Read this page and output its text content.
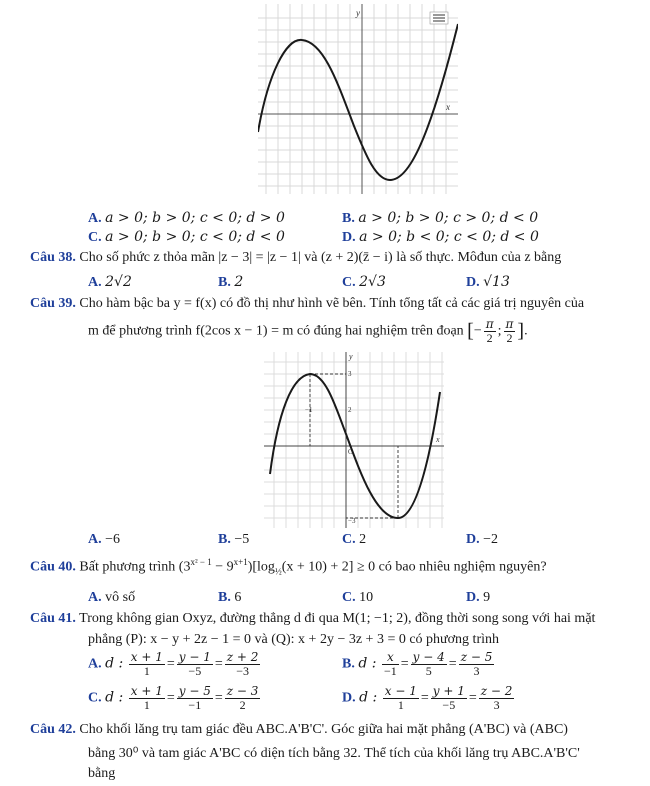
x
y
A. a > 0; b > 0; c < 0; d > 0	B. a > 0; b > 0; c > 0; d < 0
C. a > 0; b > 0; c < 0; d < 0	D. a > 0; b < 0; c < 0; d < 0
Câu 38. Cho số phức z thỏa mãn |z − 3| = |z − 1| và (z + 2)(z̄ − i) là số thực. Môđun của z bằng
A. 2√2	B. 2	C. 2√3	D. √13
Câu 39. Cho hàm bậc ba y = f(x) có đồ thị như hình vẽ bên. Tính tổng tất cả các giá trị nguyên của
m để phương trình f(2cos x − 1) = m có đúng hai nghiệm trên đoạn [− $\frac{\pi}{2}$ ; $\frac{\pi}{2}$ ].
y
x
O
−1	2
3
−3
A. −6	B. −5	C. 2	D. −2
Câu 40. Bất phương trình $(3^{x^2 - 1} - 9^{x+1})[\log_{\frac{1}{2}}(x + 10) + 2] \ge 0$ có bao nhiêu nghiệm nguyên?
A. vô số	B. 6	C. 10	D. 9
Câu 41. Trong không gian Oxyz, đường thẳng d đi qua M(1; −1; 2), đồng thời song song với hai mặt
phẳng (P): x − y + 2z − 1 = 0 và (Q): x + 2y − 3z + 3 = 0 có phương trình
A. d : $\frac{x + 1}{1} = \frac{y - 1}{-5} = \frac{z + 2}{-3}$	B. d : $\frac{x}{-1} = \frac{y - 4}{5} = \frac{z - 5}{3}$
C. d : $\frac{x + 1}{1} = \frac{y - 5}{-1} = \frac{z - 3}{2}$	D. d : $\frac{x - 1}{1} = \frac{y + 1}{-5} = \frac{z - 2}{3}$
Câu 42. Cho khối lăng trụ tam giác đều ABC.A'B'C'. Góc giữa hai mặt phẳng (A'BC) và (ABC)
bằng 30⁰ và tam giác A'BC có diện tích bằng 32. Thể tích của khối lăng trụ ABC.A'B'C'
bằng
